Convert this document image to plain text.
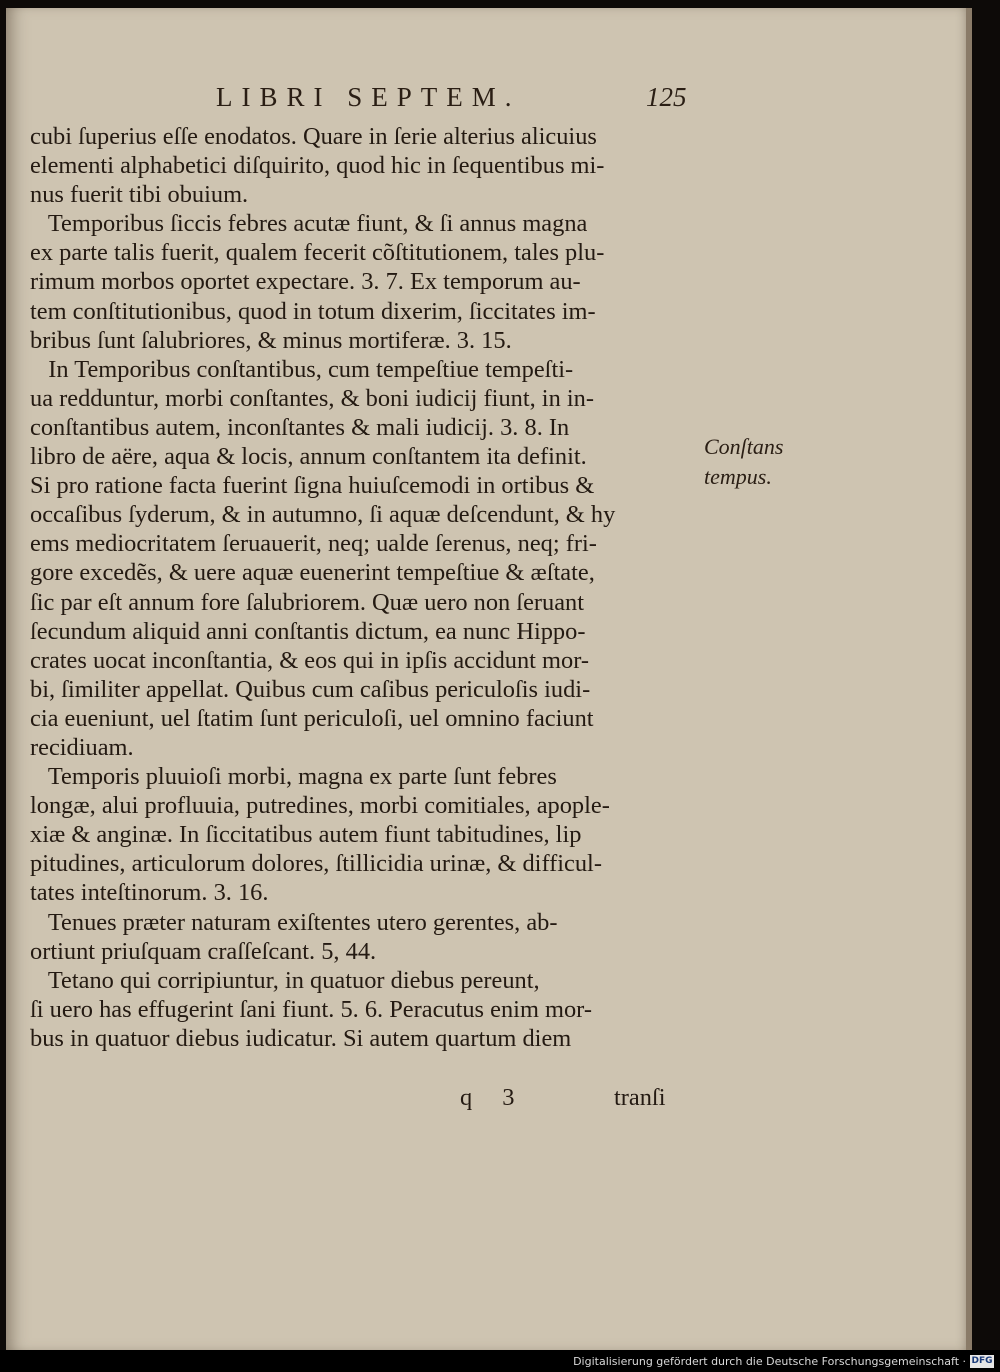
LIBRI SEPTEM.	125
cubi ſuperius eſſe enodatos. Quare in ſerie alterius alicuius
elementi alphabetici diſquirito, quod hic in ſequentibus mi-
nus fuerit tibi obuium.
Temporibus ſiccis febres acutæ fiunt, & ſi annus magna
ex parte talis fuerit, qualem fecerit cõſtitutionem, tales plu-
rimum morbos oportet expectare. 3. 7. Ex temporum au-
tem conſtitutionibus, quod in totum dixerim, ſiccitates im-
bribus ſunt ſalubriores, & minus mortiferæ. 3. 15.
In Temporibus conſtantibus, cum tempeſtiue tempeſti-
ua redduntur, morbi conſtantes, & boni iudicij fiunt, in in-
conſtantibus autem, inconſtantes & mali iudicij. 3. 8. In
libro de aëre, aqua & locis, annum conſtantem ita definit.
Si pro ratione facta fuerint ſigna huiuſcemodi in ortibus &
occaſibus ſyderum, & in autumno, ſi aquæ deſcendunt, & hy
ems mediocritatem ſeruauerit, neq; ualde ſerenus, neq; fri-
gore excedẽs, & uere aquæ euenerint tempeſtiue & æſtate,
ſic par eſt annum fore ſalubriorem. Quæ uero non ſeruant
ſecundum aliquid anni conſtantis dictum, ea nunc Hippo-
crates uocat inconſtantia, & eos qui in ipſis accidunt mor-
bi, ſimiliter appellat. Quibus cum caſibus periculoſis iudi-
cia eueniunt, uel ſtatim ſunt periculoſi, uel omnino faciunt
recidiuam.
Temporis pluuioſi morbi, magna ex parte ſunt febres
longæ, alui profluuia, putredines, morbi comitiales, apople-
xiæ & anginæ. In ſiccitatibus autem fiunt tabitudines, lip
pitudines, articulorum dolores, ſtillicidia urinæ, & difficul-
tates inteſtinorum. 3. 16.
Tenues præter naturam exiſtentes utero gerentes, ab-
ortiunt priuſquam craſſeſcant. 5, 44.
Tetano qui corripiuntur, in quatuor diebus pereunt,
ſi uero has effugerint ſani fiunt. 5. 6. Peracutus enim mor-
bus in quatuor diebus iudicatur. Si autem quartum diem
Conſtans
tempus.
q 3	tranſi
Digitalisierung gefördert durch die Deutsche Forschungsgemeinschaft · DFG
